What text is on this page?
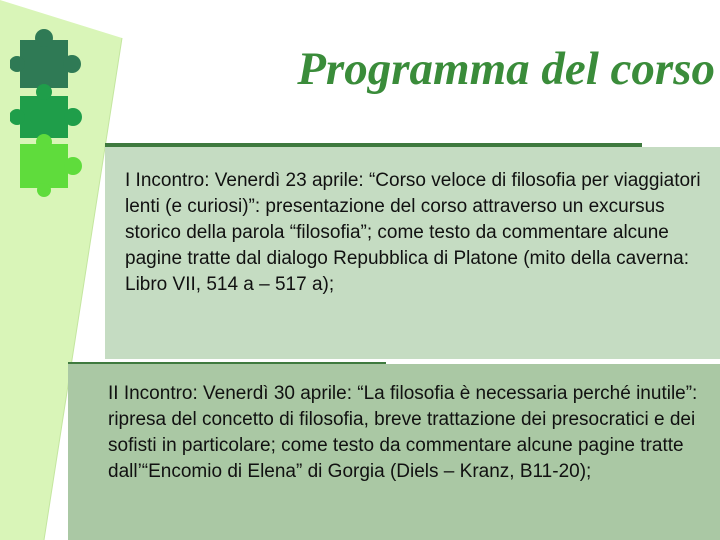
Programma del corso

I Incontro: Venerdì 23 aprile: “Corso veloce di filosofia per viaggiatori lenti (e curiosi)”: presentazione del corso attraverso un excursus storico della parola “filosofia”; come testo da commentare alcune pagine tratte dal dialogo Repubblica di Platone (mito della caverna: Libro VII, 514 a – 517 a);

II Incontro: Venerdì 30 aprile: “La filosofia è necessaria perché inutile”: ripresa del concetto di filosofia, breve trattazione dei presocratici e dei sofisti in particolare; come testo da commentare alcune pagine tratte dall’“Encomio di Elena” di Gorgia (Diels – Kranz, B11-20);
